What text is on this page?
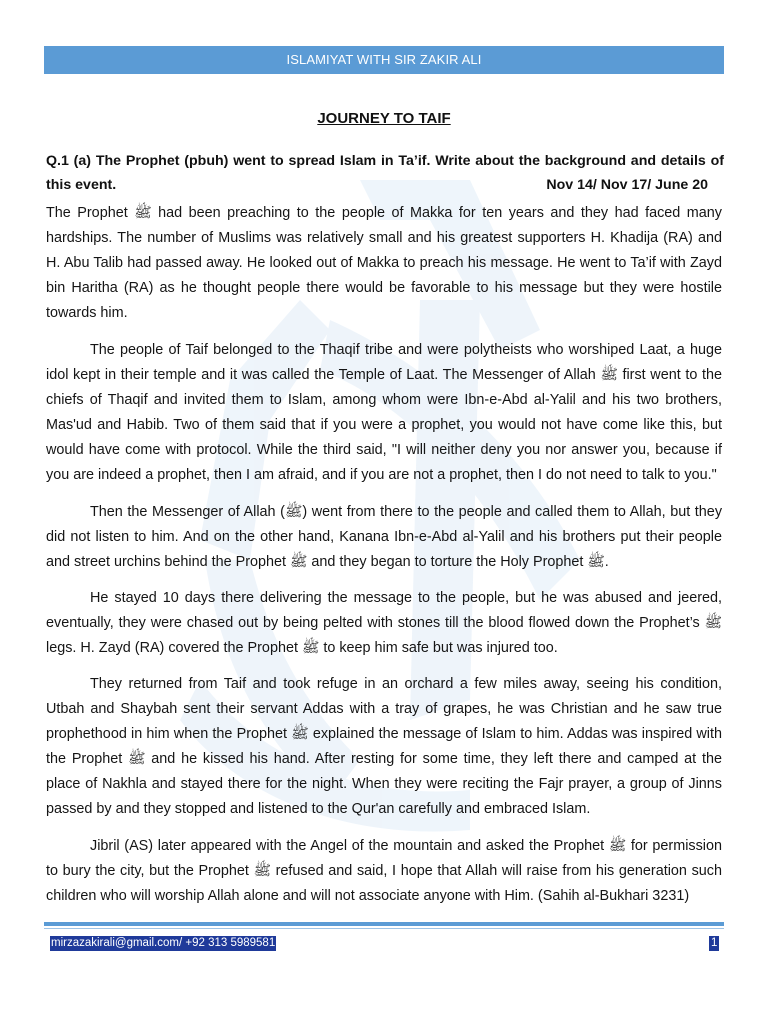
ISLAMIYAT WITH SIR ZAKIR ALI
JOURNEY TO TAIF
Q.1 (a) The Prophet (pbuh) went to spread Islam in Ta’if. Write about the background and details of this event.	Nov 14/ Nov 17/ June 20

The Prophet ﷺ had been preaching to the people of Makka for ten years and they had faced many hardships. The number of Muslims was relatively small and his greatest supporters H. Khadija (RA) and H. Abu Talib had passed away. He looked out of Makka to preach his message. He went to Ta’if with Zayd bin Haritha (RA) as he thought people there would be favorable to his message but they were hostile towards him.

The people of Taif belonged to the Thaqif tribe and were polytheists who worshiped Laat, a huge idol kept in their temple and it was called the Temple of Laat. The Messenger of Allah ﷺ first went to the chiefs of Thaqif and invited them to Islam, among whom were Ibn-e-Abd al-Yalil and his two brothers, Mas'ud and Habib. Two of them said that if you were a prophet, you would not have come like this, but would have come with protocol. While the third said, "I will neither deny you nor answer you, because if you are indeed a prophet, then I am afraid, and if you are not a prophet, then I do not need to talk to you."

Then the Messenger of Allah (ﷺ) went from there to the people and called them to Allah, but they did not listen to him. And on the other hand, Kanana Ibn-e-Abd al-Yalil and his brothers put their people and street urchins behind the Prophet ﷺ and they began to torture the Holy Prophet ﷺ.

He stayed 10 days there delivering the message to the people, but he was abused and jeered, eventually, they were chased out by being pelted with stones till the blood flowed down the Prophet’s ﷺ legs. H. Zayd (RA) covered the Prophet ﷺ to keep him safe but was injured too.

They returned from Taif and took refuge in an orchard a few miles away, seeing his condition, Utbah and Shaybah sent their servant Addas with a tray of grapes, he was Christian and he saw true prophethood in him when the Prophet ﷺ explained the message of Islam to him. Addas was inspired with the Prophet ﷺ and he kissed his hand. After resting for some time, they left there and camped at the place of Nakhla and stayed there for the night. When they were reciting the Fajr prayer, a group of Jinns passed by and they stopped and listened to the Qur'an carefully and embraced Islam.

Jibril (AS) later appeared with the Angel of the mountain and asked the Prophet ﷺ for permission to bury the city, but the Prophet ﷺ refused and said, I hope that Allah will raise from his generation such children who will worship Allah alone and will not associate anyone with Him. (Sahih al-Bukhari 3231)

mirzazakirali@gmail.com/ +92 313 5989581	1
